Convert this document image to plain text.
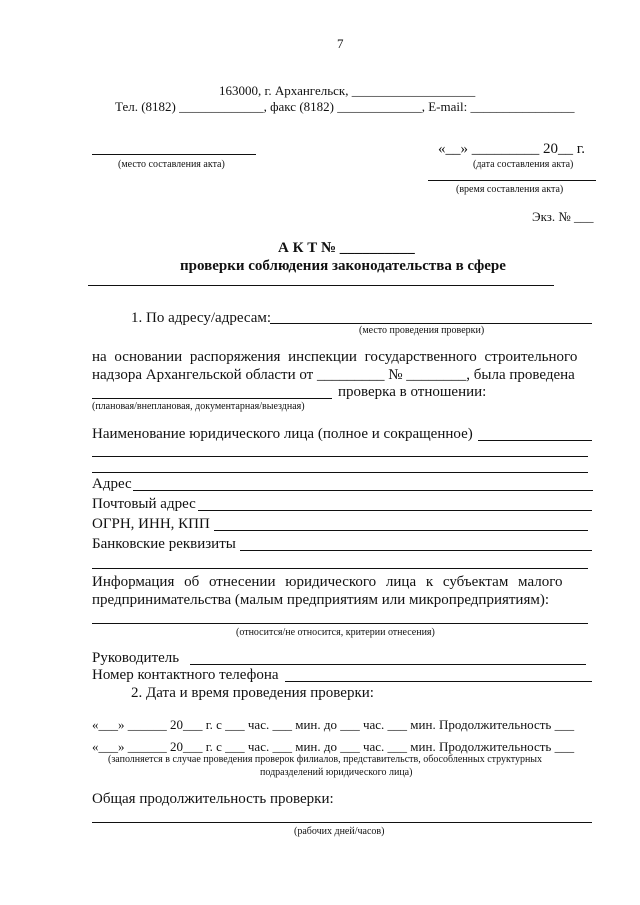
7
163000, г. Архангельск, ___________________
Тел. (8182) _____________, факс (8182) _____________, E-mail: ________________
(место составления акта)
«__» _________ 20__ г.
(дата составления акта)
(время составления акта)
Экз. № ___
А К Т № __________
проверки соблюдения законодательства в сфере
1. По адресу/адресам:
(место проведения проверки)
на основании распоряжения инспекции государственного строительного
надзора Архангельской области от _________ № ________, была проведена
проверка в отношении:
(плановая/внеплановая, документарная/выездная)
Наименование юридического лица (полное и сокращенное)
Адрес
Почтовый адрес
ОГРН, ИНН, КПП
Банковские реквизиты
Информация об отнесении юридического лица к субъектам малого
предпринимательства (малым предприятиям или микропредприятиям):
(относится/не относится, критерии отнесения)
Руководитель
Номер контактного телефона
2. Дата и время проведения проверки:
«___» ______ 20___ г. с ___ час. ___ мин. до ___ час. ___ мин. Продолжительность ___
«___» ______ 20___ г. с ___ час. ___ мин. до ___ час. ___ мин. Продолжительность ___
(заполняется в случае проведения проверок филиалов, представительств, обособленных структурных
подразделений юридического лица)
Общая продолжительность проверки:
(рабочих дней/часов)
